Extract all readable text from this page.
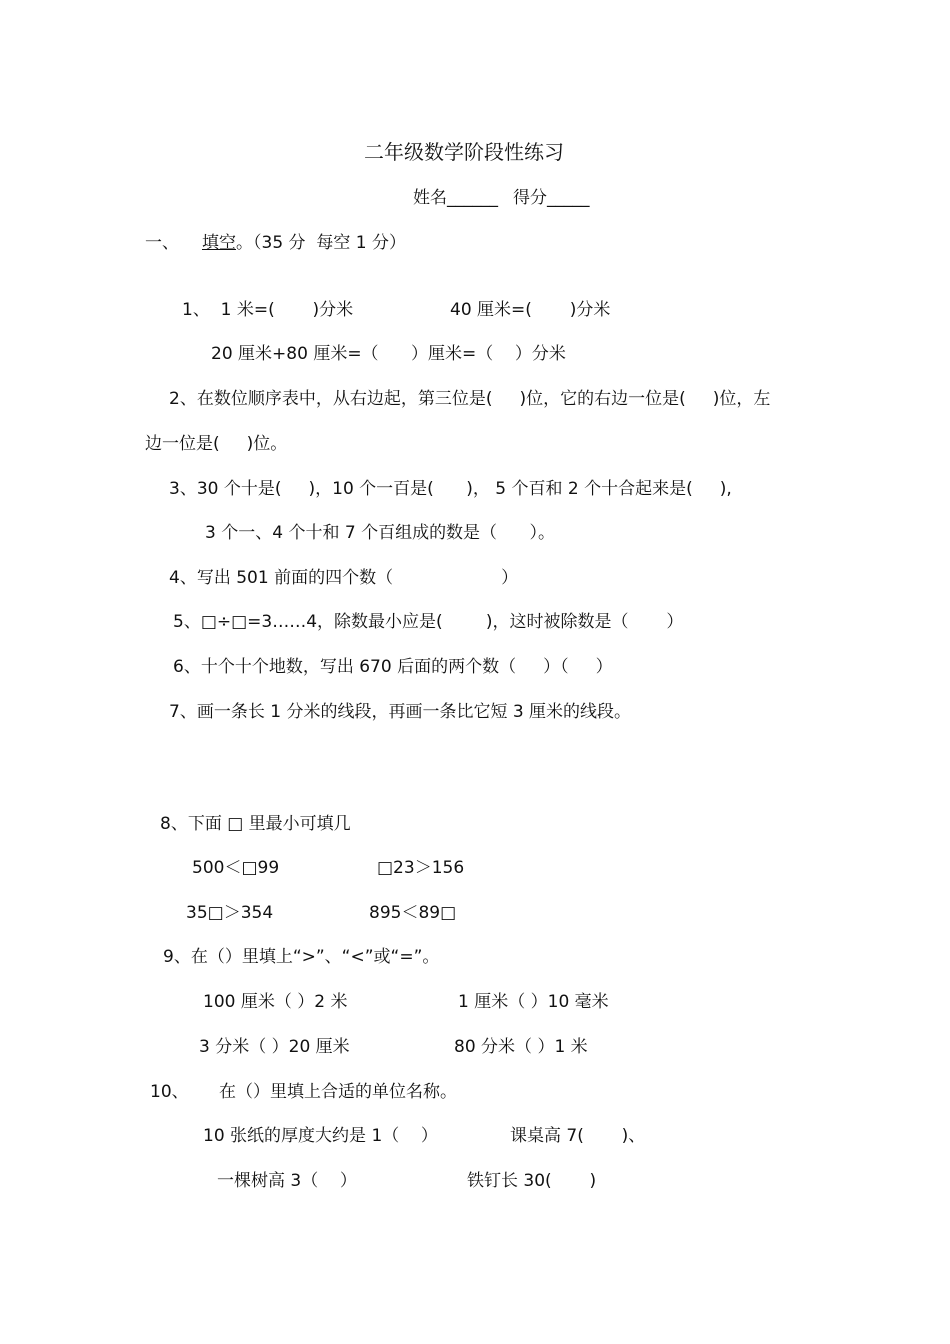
二年级数学阶段性练习
姓名______ 得分_____
一、 填空 。（35 分  每空 1 分）
1、  1 米=(       )分米	40 厘米=(       )分米
20 厘米+80 厘米=（      ）厘米=（    ）分米
2、在数位顺序表中，从右边起，第三位是(     )位，它的右边一位是(     )位，左
边一位是(     )位。
3、30 个十是(     )，10 个一百是(      )， 5 个百和 2 个十合起来是(     ),
3 个一、4 个十和 7 个百组成的数是（      ）。
4、写出 501 前面的四个数（                    ）
5、□÷□=3……4，除数最小应是(        )，这时被除数是（       ）
6、十个十个地数，写出 670 后面的两个数（     ）（     ）
7、画一条长 1 分米的线段，再画一条比它短 3 厘米的线段。
8、下面 □ 里最小可填几
500＜□99	□23＞156
35□＞354	895＜89□
9、在（）里填上“>”、“<”或“=”。
100 厘米（ ）2 米	1 厘米（ ）10 毫米
3 分米（ ）20 厘米	80 分米（ ）1 米
10、 在（）里填上合适的单位名称。
10 张纸的厚度大约是 1（    ）	课桌高 7(       )、
一棵树高 3（    ）	铁钉长 30(       )
